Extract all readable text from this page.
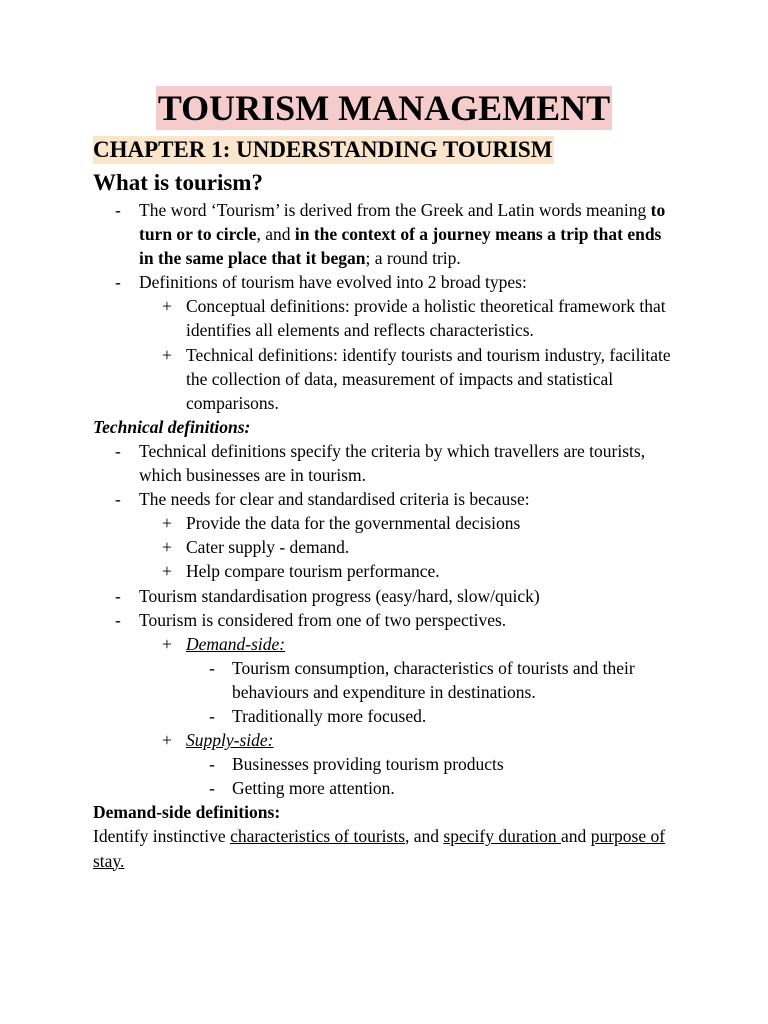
TOURISM MANAGEMENT
CHAPTER 1: UNDERSTANDING TOURISM
What is tourism?
- The word ‘Tourism’ is derived from the Greek and Latin words meaning to turn or to circle, and in the context of a journey means a trip that ends in the same place that it began; a round trip.
- Definitions of tourism have evolved into 2 broad types:
+ Conceptual definitions: provide a holistic theoretical framework that identifies all elements and reflects characteristics.
+ Technical definitions: identify tourists and tourism industry, facilitate the collection of data, measurement of impacts and statistical comparisons.
Technical definitions:
- Technical definitions specify the criteria by which travellers are tourists, which businesses are in tourism.
- The needs for clear and standardised criteria is because:
+ Provide the data for the governmental decisions
+ Cater supply - demand.
+ Help compare tourism performance.
- Tourism standardisation progress (easy/hard, slow/quick)
- Tourism is considered from one of two perspectives.
+ Demand-side:
- Tourism consumption, characteristics of tourists and their behaviours and expenditure in destinations.
- Traditionally more focused.
+ Supply-side:
- Businesses providing tourism products
- Getting more attention.
Demand-side definitions:
Identify instinctive characteristics of tourists, and specify duration and purpose of stay.
